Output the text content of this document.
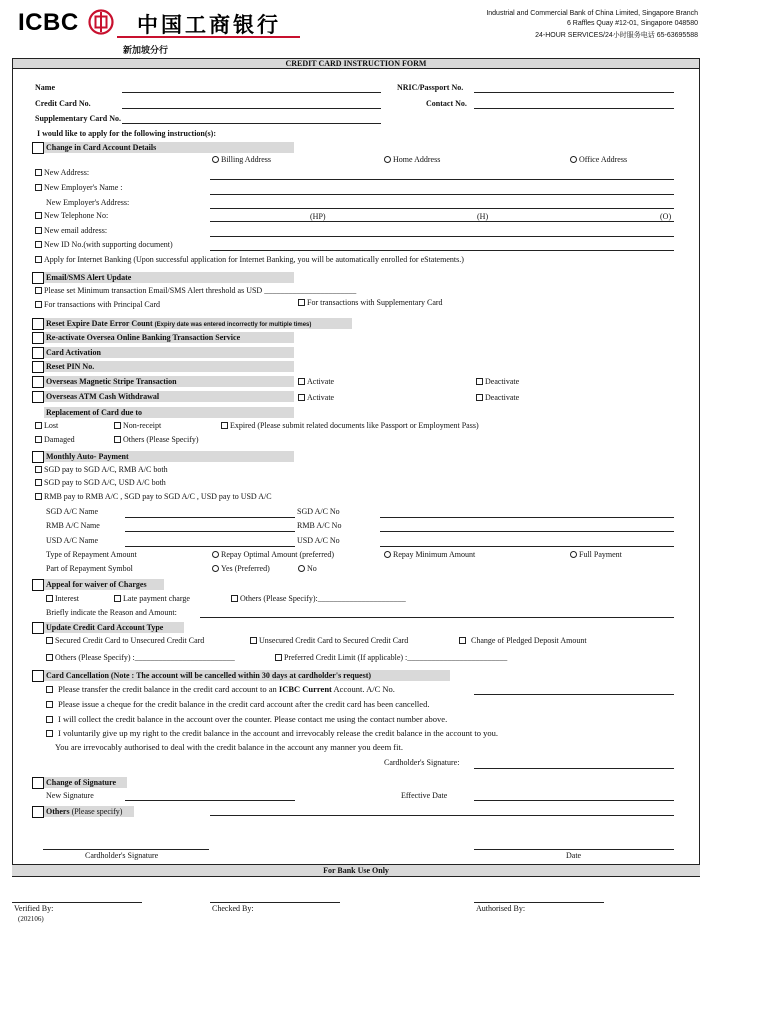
ICBC	中国工商银行
新加坡分行
Industrial and Commercial Bank of China Limited, Singapore Branch
6 Raffles Quay #12-01, Singapore 048580
24-HOUR SERVICES/24小时服务电话 65-63695588
CREDIT CARD INSTRUCTION FORM
Name	NRIC/Passport No.
Credit Card No.	Contact No.
Supplementary Card No.
I would like to apply for the following instruction(s):
Change in Card Account Details
Billing Address	Home Address	Office Address
New Address:
New Employer's Name :
New Employer's Address:
New Telephone No:	(HP)	(H)	(O)
New email address:
New ID No.(with supporting document)
Apply for Internet Banking (Upon successful application for Internet Banking, you will be automatically enrolled for eStatements.)
Email/SMS Alert Update
Please set Minimum transaction Email/SMS Alert threshold as USD _______________________
For transactions with Principal Card	For transactions with Supplementary Card
Reset Expire Date Error Count (Expiry date was entered incorrectly for multiple times)
Re-activate Oversea Online Banking Transaction Service
Card Activation
Reset PIN No.
Overseas Magnetic Stripe Transaction	Activate	Deactivate
Overseas ATM Cash Withdrawal	Activate	Deactivate
Replacement of Card due to
Lost	Non-receipt	Expired (Please submit related documents like Passport or Employment Pass)
Damaged	Others (Please Specify)
Monthly Auto- Payment
SGD pay to SGD A/C, RMB A/C both
SGD pay to SGD A/C, USD A/C both
RMB pay to RMB A/C , SGD pay to SGD A/C , USD pay to USD A/C
SGD A/C Name	SGD A/C No
RMB A/C Name	RMB A/C No
USD A/C Name	USD A/C No
Type of Repayment Amount	Repay Optimal Amount (preferred)	Repay Minimum Amount	Full Payment
Part of Repayment Symbol	Yes (Preferred)	No
Appeal for waiver of Charges
Interest	Late payment charge	Others (Please Specify):______________________
Briefly indicate the Reason and Amount:
Update Credit Card Account Type
Secured Credit Card to Unsecured Credit Card	Unsecured Credit Card to Secured Credit Card	Change of Pledged Deposit Amount
Others (Please Specify) :_________________________	Preferred Credit Limit (If applicable) :_________________________
Card Cancellation (Note : The account will be cancelled within 30 days at cardholder's request)
Please transfer the credit balance in the credit card account to an ICBC Current Account. A/C No.
Please issue a cheque for the credit balance in the credit card account after the credit card has been cancelled.
I will collect the credit balance in the account over the counter. Please contact me using the contact number above.
I voluntarily give up my right to the credit balance in the account and irrevocably release the credit balance in the account to you.
You are irrevocably authorised to deal with the credit balance in the account any manner you deem fit.
Cardholder's Signature:
Change of Signature
New Signature	Effective Date
Others (Please specify)
Cardholder's Signature	Date
For Bank Use Only
Verified By:	Checked By:	Authorised By:
(202106)
